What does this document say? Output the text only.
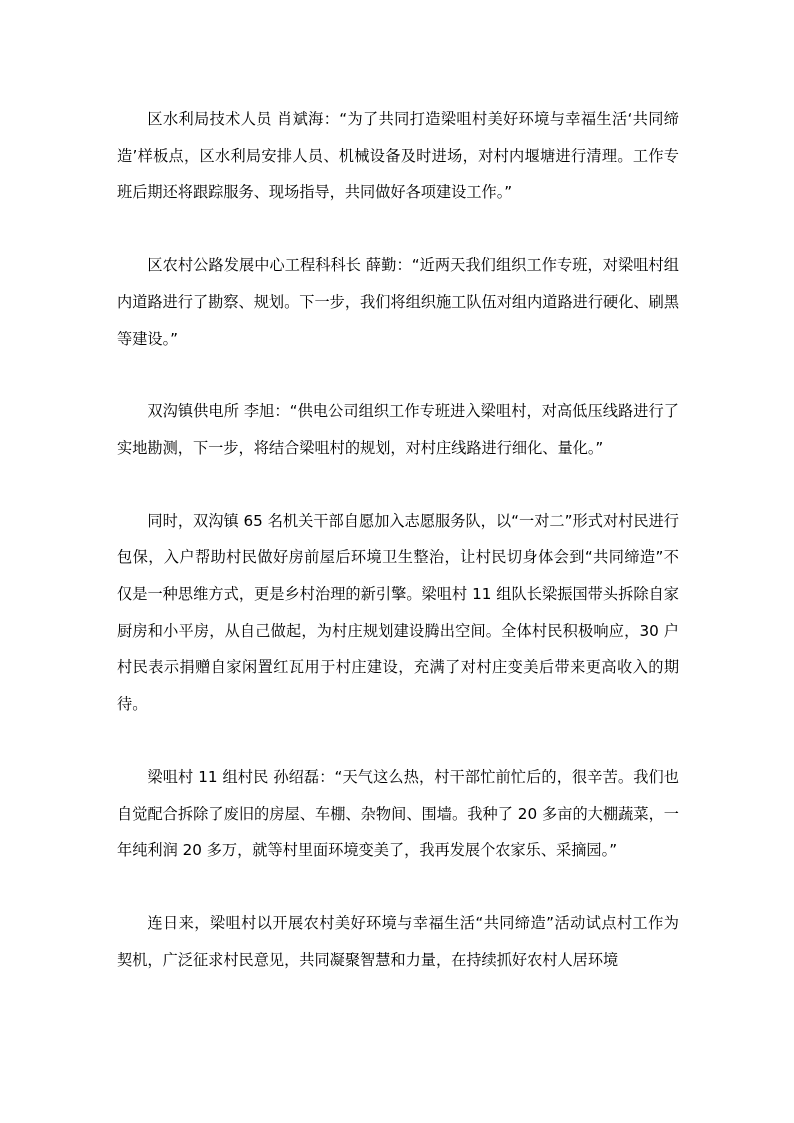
区水利局技术人员 肖斌海：“为了共同打造梁咀村美好环境与幸福生活‘共同缔造’样板点，区水利局安排人员、机械设备及时进场，对村内堰塘进行清理。工作专班后期还将跟踪服务、现场指导，共同做好各项建设工作。”

区农村公路发展中心工程科科长 薛勤：“近两天我们组织工作专班，对梁咀村组内道路进行了勘察、规划。下一步，我们将组织施工队伍对组内道路进行硬化、刷黑等建设。”

双沟镇供电所 李旭：“供电公司组织工作专班进入梁咀村，对高低压线路进行了实地勘测，下一步，将结合梁咀村的规划，对村庄线路进行细化、量化。”

同时，双沟镇 65 名机关干部自愿加入志愿服务队，以“一对二”形式对村民进行包保，入户帮助村民做好房前屋后环境卫生整治，让村民切身体会到“共同缔造”不仅是一种思维方式，更是乡村治理的新引擎。梁咀村 11 组队长梁振国带头拆除自家厨房和小平房，从自己做起，为村庄规划建设腾出空间。全体村民积极响应，30 户村民表示捐赠自家闲置红瓦用于村庄建设，充满了对村庄变美后带来更高收入的期待。

梁咀村 11 组村民 孙绍磊：“天气这么热，村干部忙前忙后的，很辛苦。我们也自觉配合拆除了废旧的房屋、车棚、杂物间、围墙。我种了 20 多亩的大棚蔬菜，一年纯利润 20 多万，就等村里面环境变美了，我再发展个农家乐、采摘园。”

连日来，梁咀村以开展农村美好环境与幸福生活“共同缔造”活动试点村工作为契机，广泛征求村民意见，共同凝聚智慧和力量，在持续抓好农村人居环境
